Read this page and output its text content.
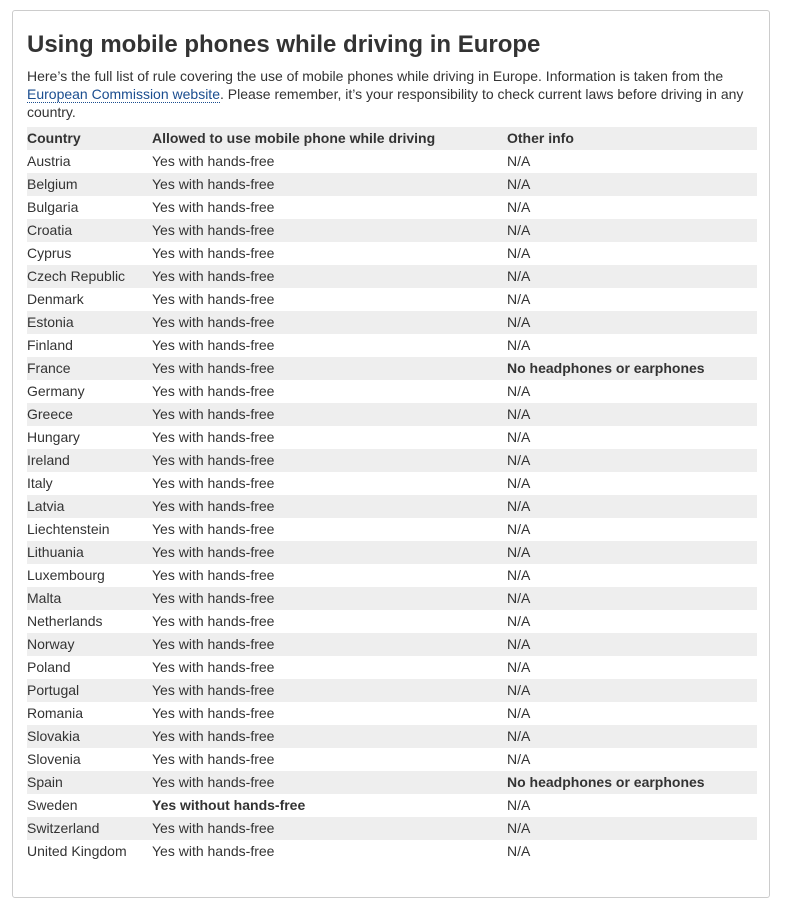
Using mobile phones while driving in Europe

Here’s the full list of rule covering the use of mobile phones while driving in Europe. Information is taken from the European Commission website. Please remember, it’s your responsibility to check current laws before driving in any country.

Country	Allowed to use mobile phone while driving	Other info
Austria	Yes with hands-free	N/A
Belgium	Yes with hands-free	N/A
Bulgaria	Yes with hands-free	N/A
Croatia	Yes with hands-free	N/A
Cyprus	Yes with hands-free	N/A
Czech Republic	Yes with hands-free	N/A
Denmark	Yes with hands-free	N/A
Estonia	Yes with hands-free	N/A
Finland	Yes with hands-free	N/A
France	Yes with hands-free	No headphones or earphones
Germany	Yes with hands-free	N/A
Greece	Yes with hands-free	N/A
Hungary	Yes with hands-free	N/A
Ireland	Yes with hands-free	N/A
Italy	Yes with hands-free	N/A
Latvia	Yes with hands-free	N/A
Liechtenstein	Yes with hands-free	N/A
Lithuania	Yes with hands-free	N/A
Luxembourg	Yes with hands-free	N/A
Malta	Yes with hands-free	N/A
Netherlands	Yes with hands-free	N/A
Norway	Yes with hands-free	N/A
Poland	Yes with hands-free	N/A
Portugal	Yes with hands-free	N/A
Romania	Yes with hands-free	N/A
Slovakia	Yes with hands-free	N/A
Slovenia	Yes with hands-free	N/A
Spain	Yes with hands-free	No headphones or earphones
Sweden	Yes without hands-free	N/A
Switzerland	Yes with hands-free	N/A
United Kingdom	Yes with hands-free	N/A
